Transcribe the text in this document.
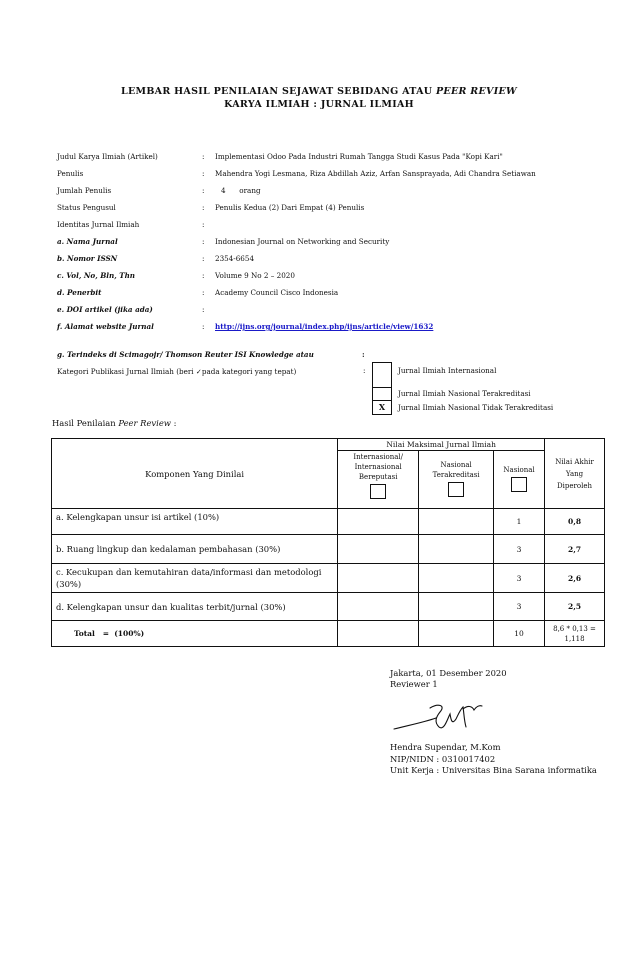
LEMBAR HASIL PENILAIAN SEJAWAT SEBIDANG ATAU PEER REVIEW
KARYA ILMIAH : JURNAL ILMIAH
Judul Karya Ilmiah (Artikel)	:	Implementasi Odoo Pada Industri Rumah Tangga Studi Kasus Pada "Kopi Kari"
Penulis	:	Mahendra Yogi Lesmana, Riza Abdillah Aziz, Arfan Sansprayada, Adi Chandra Setiawan
Jumlah Penulis	:	4      orang
Status Pengusul	:	Penulis Kedua (2) Dari Empat (4) Penulis
Identitas Jurnal Ilmiah	:
a. Nama Jurnal	:	Indonesian Journal on Networking and Security
b. Nomor ISSN	:	2354-6654
c. Vol, No, Bln, Thn	:	Volume 9 No 2 – 2020
d. Penerbit	:	Academy Council Cisco Indonesia
e. DOI artikel (jika ada)	:
f. Alamat website Jurnal	:	http://ijns.org/journal/index.php/ijns/article/view/1632
g. Terindeks di Scimagojr/ Thomson Reuter ISI Knowledge atau	:
Kategori Publikasi Jurnal Ilmiah (beri ✓pada kategori yang tepat)	:
X
Jurnal Ilmiah Internasional
Jurnal Ilmiah Nasional Terakreditasi
Jurnal Ilmiah Nasional Tidak Terakreditasi
Hasil Penilaian Peer Review :
Komponen Yang Dinilai	Nilai Maksimal Jurnal Ilmiah			Nilai Akhir Yang Diperoleh

	Internasional/ Internasional Bereputasi	Nasional Terakreditasi	Nasional	

a. Kelengkapan unsur isi artikel (10%)			1	0,8
b. Ruang lingkup dan kedalaman pembahasan (30%)			3	2,7
c. Kecukupan dan kemutahiran data/informasi dan metodologi (30%)			3	2,6
d. Kelengkapan unsur dan kualitas terbit/jurnal (30%)			3	2,5
Total   =  (100%)			10	8,6 * 0,13 = 1,118
Jakarta, 01 Desember 2020
Reviewer 1
Hendra Supendar, M.Kom
NIP/NIDN : 0310017402
Unit Kerja : Universitas Bina Sarana informatika
